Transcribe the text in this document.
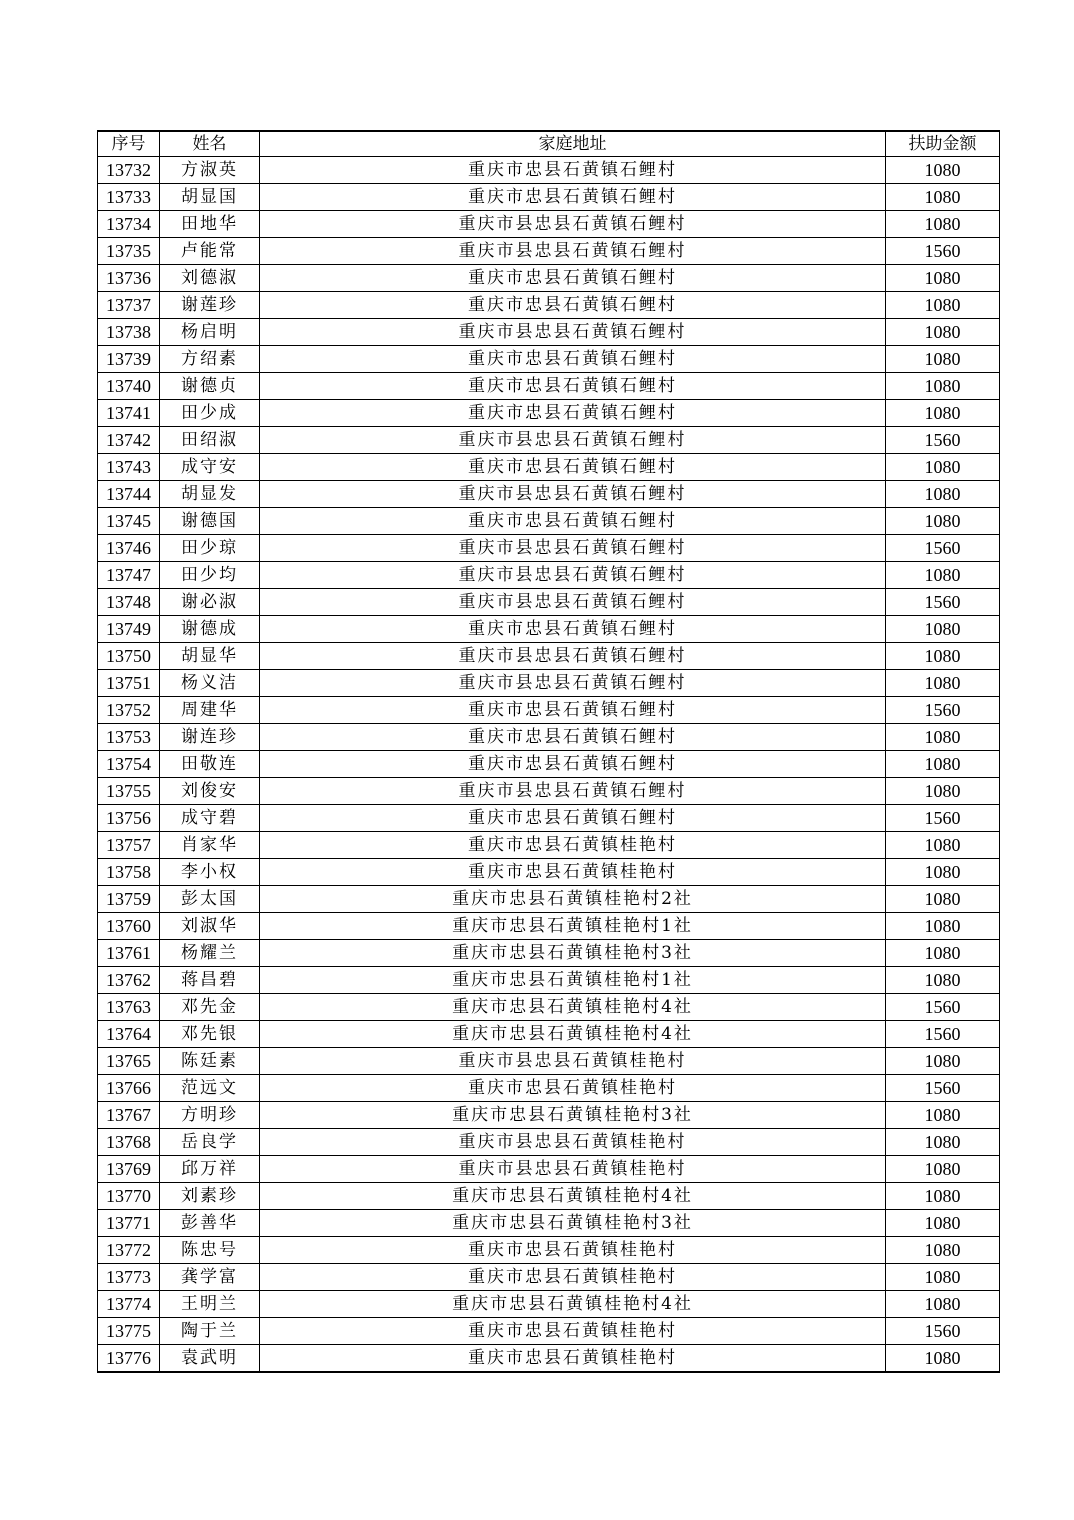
序号	姓名	家庭地址	扶助金额
13732	方淑英	重庆市忠县石黄镇石鲤村	1080
13733	胡显国	重庆市忠县石黄镇石鲤村	1080
13734	田地华	重庆市县忠县石黄镇石鲤村	1080
13735	卢能常	重庆市县忠县石黄镇石鲤村	1560
13736	刘德淑	重庆市忠县石黄镇石鲤村	1080
13737	谢莲珍	重庆市忠县石黄镇石鲤村	1080
13738	杨启明	重庆市县忠县石黄镇石鲤村	1080
13739	方绍素	重庆市忠县石黄镇石鲤村	1080
13740	谢德贞	重庆市忠县石黄镇石鲤村	1080
13741	田少成	重庆市忠县石黄镇石鲤村	1080
13742	田绍淑	重庆市县忠县石黄镇石鲤村	1560
13743	成守安	重庆市忠县石黄镇石鲤村	1080
13744	胡显发	重庆市县忠县石黄镇石鲤村	1080
13745	谢德国	重庆市忠县石黄镇石鲤村	1080
13746	田少琼	重庆市县忠县石黄镇石鲤村	1560
13747	田少均	重庆市县忠县石黄镇石鲤村	1080
13748	谢必淑	重庆市县忠县石黄镇石鲤村	1560
13749	谢德成	重庆市忠县石黄镇石鲤村	1080
13750	胡显华	重庆市县忠县石黄镇石鲤村	1080
13751	杨义洁	重庆市县忠县石黄镇石鲤村	1080
13752	周建华	重庆市忠县石黄镇石鲤村	1560
13753	谢连珍	重庆市忠县石黄镇石鲤村	1080
13754	田敬连	重庆市忠县石黄镇石鲤村	1080
13755	刘俊安	重庆市县忠县石黄镇石鲤村	1080
13756	成守碧	重庆市忠县石黄镇石鲤村	1560
13757	肖家华	重庆市忠县石黄镇桂艳村	1080
13758	李小权	重庆市忠县石黄镇桂艳村	1080
13759	彭太国	重庆市忠县石黄镇桂艳村2社	1080
13760	刘淑华	重庆市忠县石黄镇桂艳村1社	1080
13761	杨耀兰	重庆市忠县石黄镇桂艳村3社	1080
13762	蒋昌碧	重庆市忠县石黄镇桂艳村1社	1080
13763	邓先金	重庆市忠县石黄镇桂艳村4社	1560
13764	邓先银	重庆市忠县石黄镇桂艳村4社	1560
13765	陈廷素	重庆市县忠县石黄镇桂艳村	1080
13766	范远文	重庆市忠县石黄镇桂艳村	1560
13767	方明珍	重庆市忠县石黄镇桂艳村3社	1080
13768	岳良学	重庆市县忠县石黄镇桂艳村	1080
13769	邱万祥	重庆市县忠县石黄镇桂艳村	1080
13770	刘素珍	重庆市忠县石黄镇桂艳村4社	1080
13771	彭善华	重庆市忠县石黄镇桂艳村3社	1080
13772	陈忠号	重庆市忠县石黄镇桂艳村	1080
13773	龚学富	重庆市忠县石黄镇桂艳村	1080
13774	王明兰	重庆市忠县石黄镇桂艳村4社	1080
13775	陶于兰	重庆市忠县石黄镇桂艳村	1560
13776	袁武明	重庆市忠县石黄镇桂艳村	1080
